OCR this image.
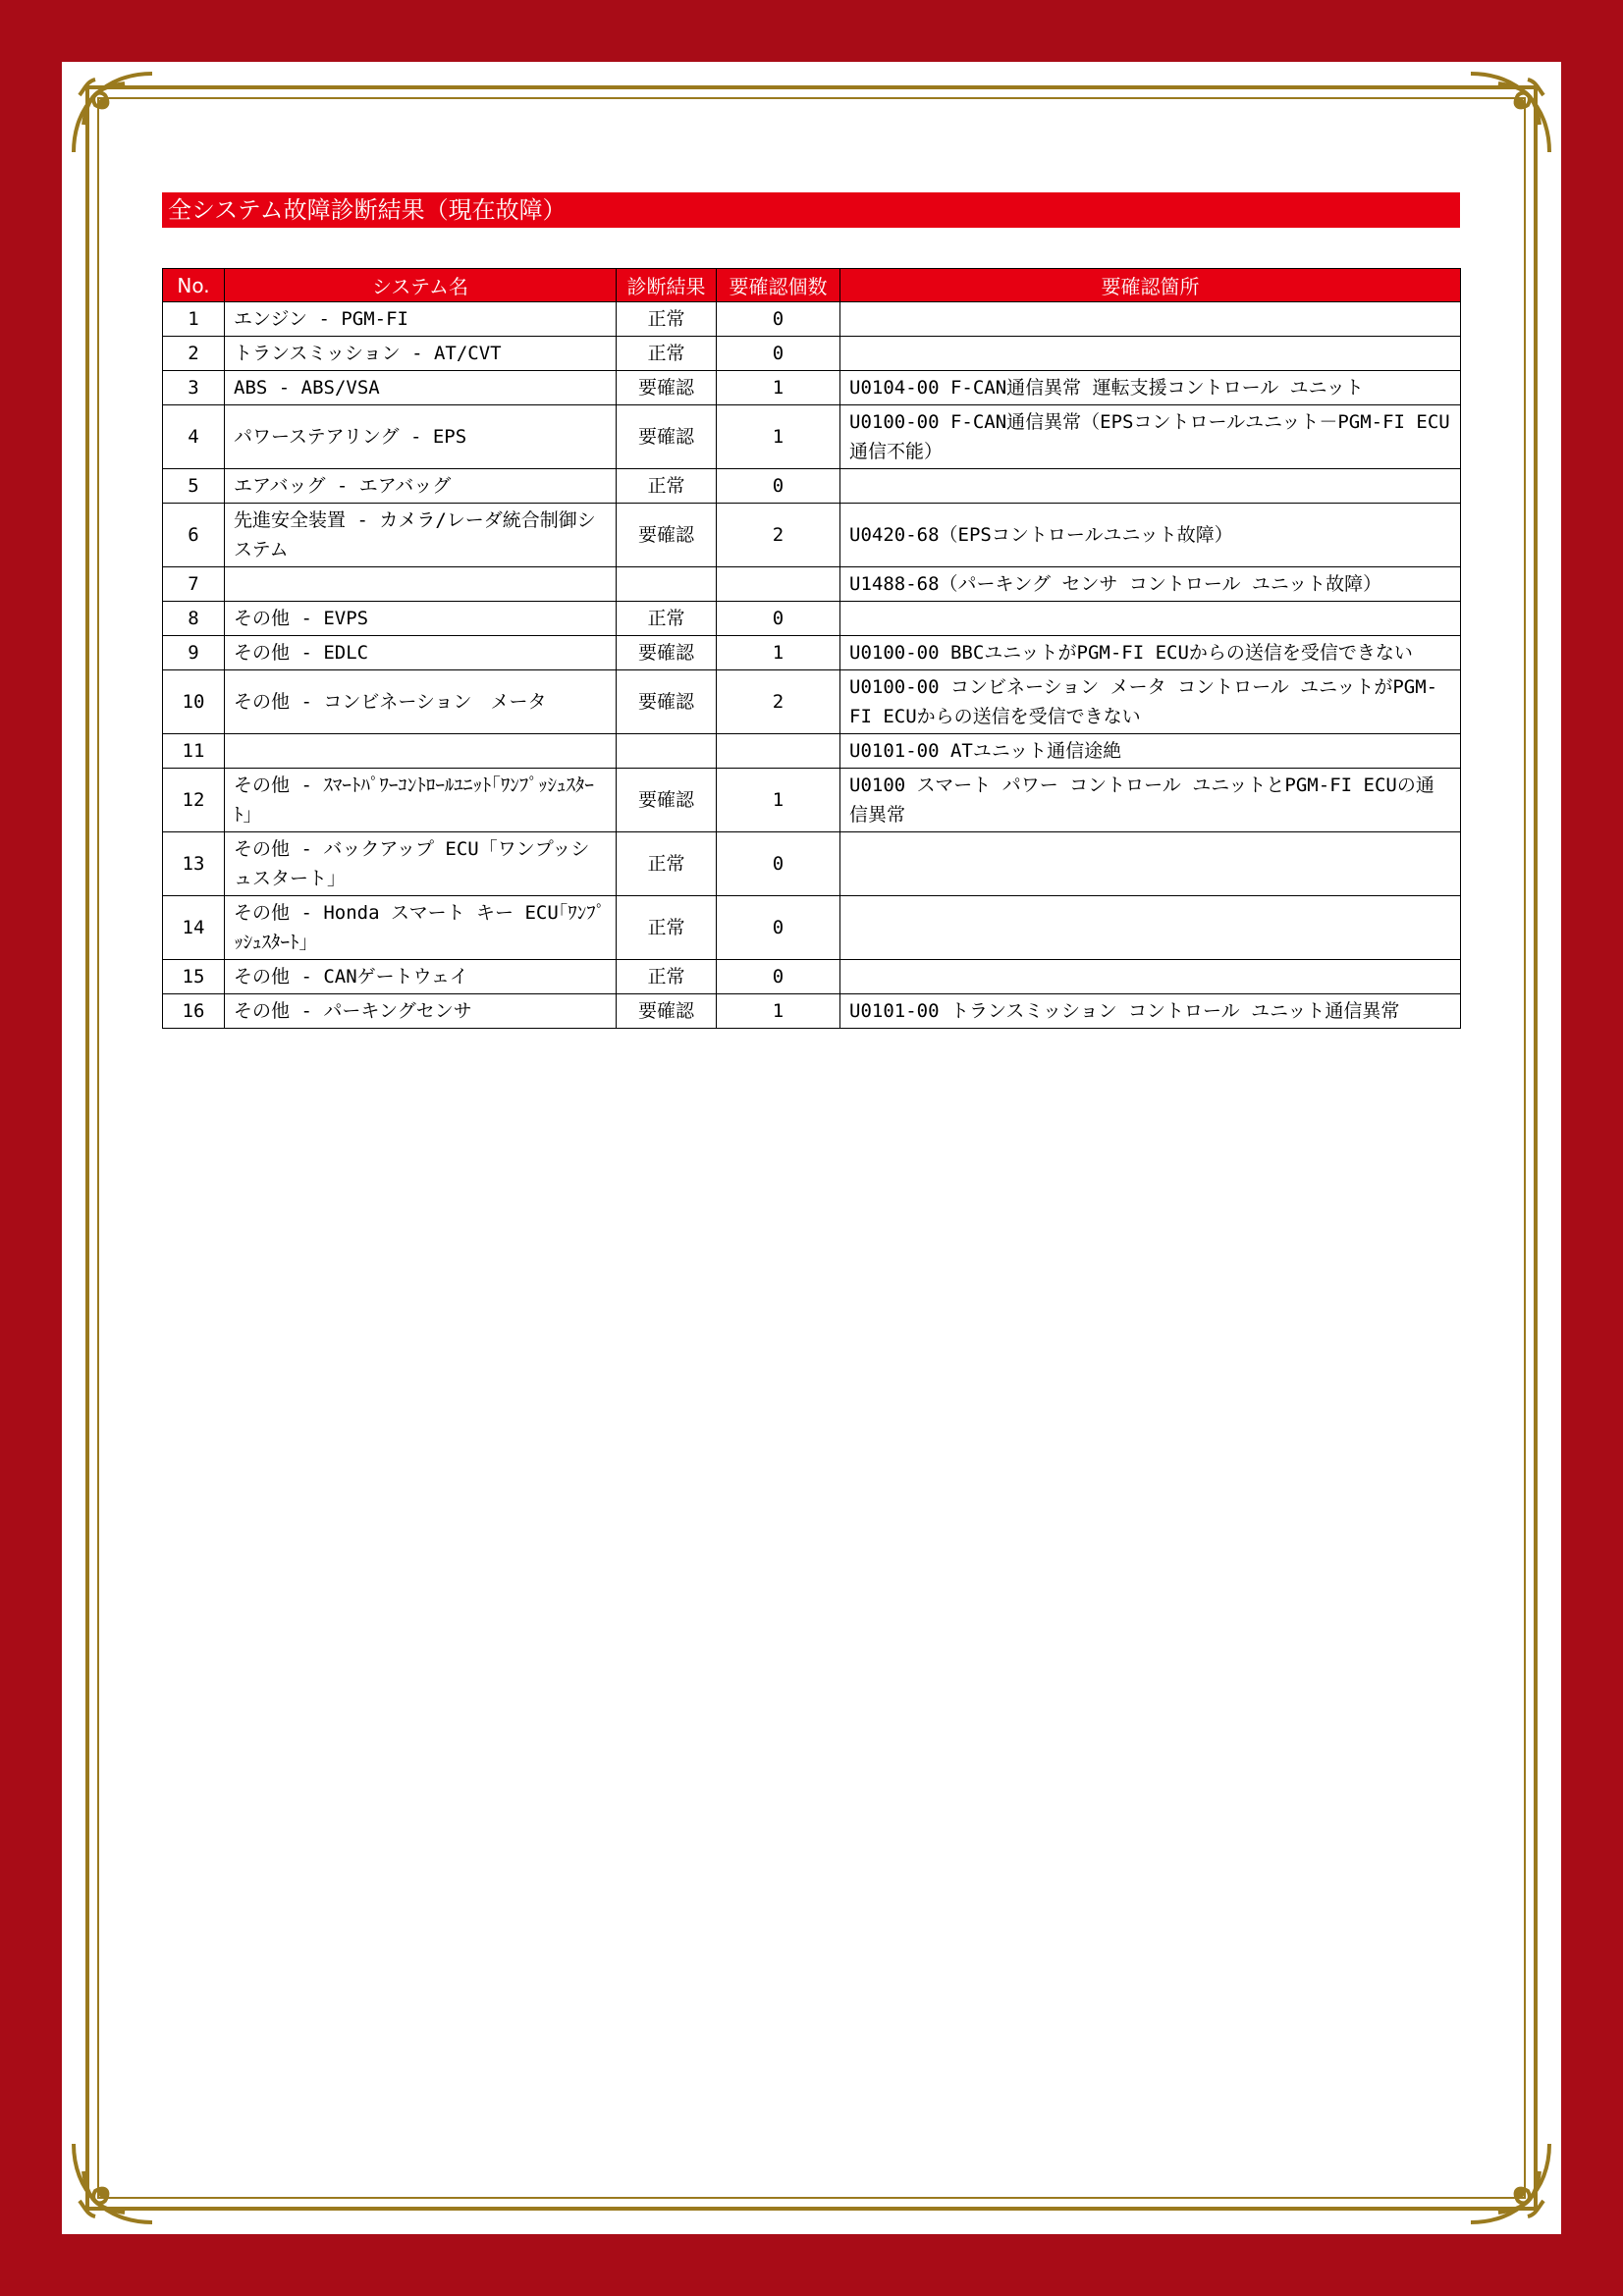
全システム故障診断結果（現在故障）
No.	システム名	診断結果	要確認個数	要確認箇所
1	エンジン - PGM-FI	正常	0	
2	トランスミッション - AT/CVT	正常	0	
3	ABS - ABS/VSA	要確認	1	U0104-00 F-CAN通信異常 運転支援コントロール ユニット
4	パワーステアリング - EPS	要確認	1	U0100-00 F-CAN通信異常（EPSコントロールユニット－PGM-FI ECU通信不能）
5	エアバッグ - エアバッグ	正常	0	
6	先進安全装置 - カメラ/レーダ統合制御システム	要確認	2	U0420-68（EPSコントロールユニット故障）
7				U1488-68（パーキング センサ コントロール ユニット故障）
8	その他 - EVPS	正常	0	
9	その他 - EDLC	要確認	1	U0100-00 BBCユニットがPGM-FI ECUからの送信を受信できない
10	その他 - コンビネーション　メータ	要確認	2	U0100-00 コンビネーション メータ コントロール ユニットがPGM-FI ECUからの送信を受信できない
11				U0101-00 ATユニット通信途絶
12	その他 - ｽﾏｰﾄﾊﾟﾜｰｺﾝﾄﾛｰﾙﾕﾆｯﾄ｢ﾜﾝﾌﾟｯｼｭｽﾀｰﾄ｣	要確認	1	U0100 スマート パワー コントロール ユニットとPGM-FI ECUの通信異常
13	その他 - バックアップ ECU「ワンプッシュスタート」	正常	0	
14	その他 - Honda スマート キー ECU｢ﾜﾝﾌﾟｯｼｭｽﾀｰﾄ｣	正常	0	
15	その他 - CANゲートウェイ	正常	0	
16	その他 - パーキングセンサ	要確認	1	U0101-00 トランスミッション コントロール ユニット通信異常
